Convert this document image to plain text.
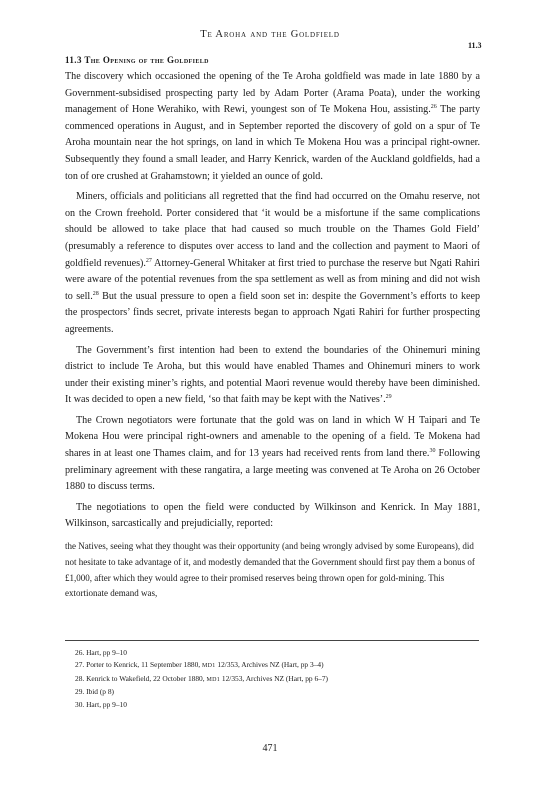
Te Aroha and the Goldfield
11.3
11.3 The Opening of the Goldfield

The discovery which occasioned the opening of the Te Aroha goldfield was made in late 1880 by a Government-subsidised prospecting party led by Adam Porter (Arama Poata), under the working management of Hone Werahiko, with Rewi, youngest son of Te Mokena Hou, assisting.$^{26}$ The party commenced operations in August, and in September reported the discovery of gold on a spur of Te Aroha mountain near the hot springs, on land in which Te Mokena Hou was a principal right-owner. Subsequently they found a small leader, and Harry Kenrick, warden of the Auckland goldfields, had a ton of ore crushed at Grahamstown; it yielded an ounce of gold.

Miners, officials and politicians all regretted that the find had occurred on the Omahu reserve, not on the Crown freehold. Porter considered that ‘it would be a misfortune if the same complications should be allowed to take place that had caused so much trouble on the Thames Gold Field’ (presumably a reference to disputes over access to land and the collection and payment to Maori of goldfield revenues).$^{27}$ Attorney-General Whitaker at first tried to purchase the reserve but Ngati Rahiri were aware of the potential revenues from the spa settlement as well as from mining and did not wish to sell.$^{28}$ But the usual pressure to open a field soon set in: despite the Government’s efforts to keep the prospectors’ finds secret, private interests began to approach Ngati Rahiri for further prospecting agreements.

The Government’s first intention had been to extend the boundaries of the Ohinemuri mining district to include Te Aroha, but this would have enabled Thames and Ohinemuri miners to work under their existing miner’s rights, and potential Maori revenue would thereby have been diminished. It was decided to open a new field, ‘so that faith may be kept with the Natives’.$^{29}$

The Crown negotiators were fortunate that the gold was on land in which W H Taipari and Te Mokena Hou were principal right-owners and amenable to the opening of a field. Te Mokena had shares in at least one Thames claim, and for 13 years had received rents from land there.$^{30}$ Following preliminary agreement with these rangatira, a large meeting was convened at Te Aroha on 26 October 1880 to discuss terms.

The negotiations to open the field were conducted by Wilkinson and Kenrick. In May 1881, Wilkinson, sarcastically and prejudicially, reported:

the Natives, seeing what they thought was their opportunity (and being wrongly advised by some Europeans), did not hesitate to take advantage of it, and modestly demanded that the Government should first pay them a bonus of £1,000, after which they would agree to their promised reserves being thrown open for gold-mining. This extortionate demand was,
26. Hart, pp 9–10
27. Porter to Kenrick, 11 September 1880, MD1 12/353, Archives NZ (Hart, pp 3–4)
28. Kenrick to Wakefield, 22 October 1880, MD1 12/353, Archives NZ (Hart, pp 6–7)
29. Ibid (p 8)
30. Hart, pp 9–10
471
